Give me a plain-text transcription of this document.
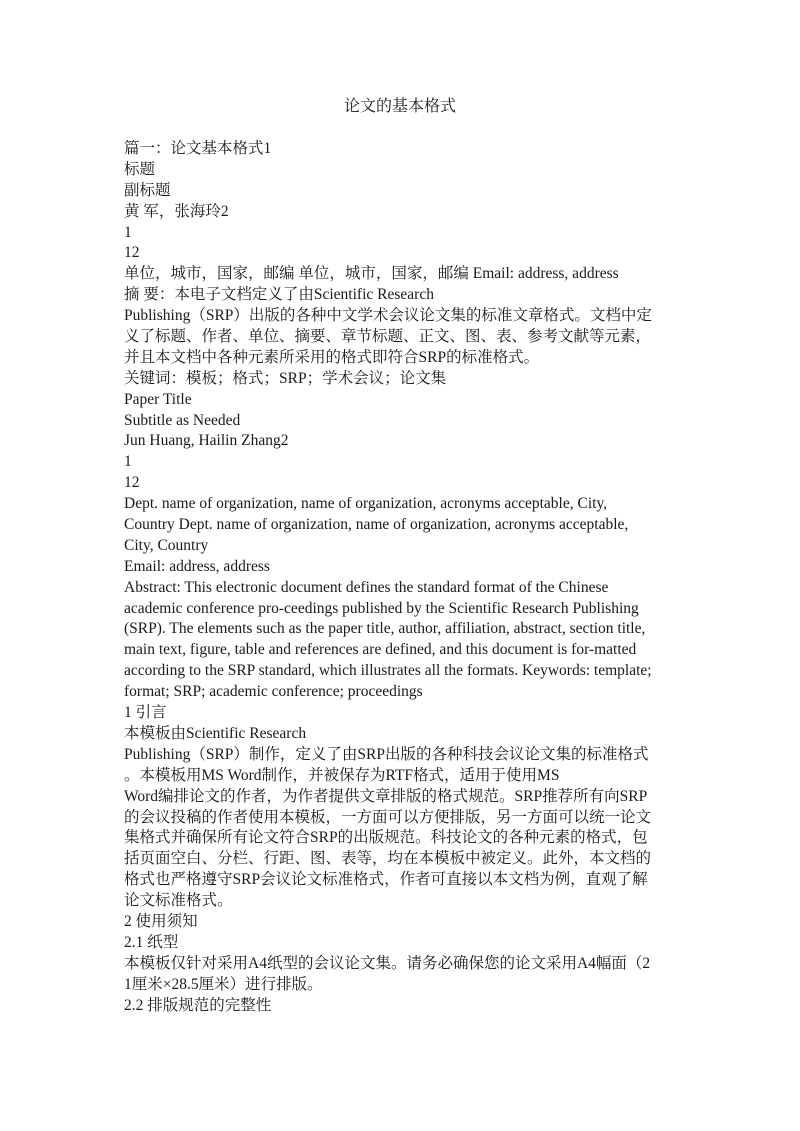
论文的基本格式
篇一：论文基本格式1
标题
副标题
黄 军，张海玲2
1
12
单位，城市，国家，邮编 单位，城市，国家，邮编 Email: address, address
摘 要：本电子文档定义了由Scientific Research
Publishing（SRP）出版的各种中文学术会议论文集的标准文章格式。文档中定
义了标题、作者、单位、摘要、章节标题、正文、图、表、参考文献等元素，
并且本文档中各种元素所采用的格式即符合SRP的标准格式。
关键词：模板；格式；SRP；学术会议；论文集
Paper Title
Subtitle as Needed
Jun Huang, Hailin Zhang2
1
12
Dept. name of organization, name of organization, acronyms acceptable, City,
Country Dept. name of organization, name of organization, acronyms acceptable,
City, Country
Email: address, address
Abstract: This electronic document defines the standard format of the Chinese
academic conference pro-ceedings published by the Scientific Research Publishing
(SRP). The elements such as the paper title, author, affiliation, abstract, section title,
main text, figure, table and references are defined, and this document is for-matted
according to the SRP standard, which illustrates all the formats. Keywords: template;
format; SRP; academic conference; proceedings
1 引言
本模板由Scientific Research
Publishing（SRP）制作，定义了由SRP出版的各种科技会议论文集的标准格式
。本模板用MS Word制作，并被保存为RTF格式，适用于使用MS
Word编排论文的作者，为作者提供文章排版的格式规范。SRP推荐所有向SRP
的会议投稿的作者使用本模板，一方面可以方便排版，另一方面可以统一论文
集格式并确保所有论文符合SRP的出版规范。科技论文的各种元素的格式，包
括页面空白、分栏、行距、图、表等，均在本模板中被定义。此外，本文档的
格式也严格遵守SRP会议论文标准格式，作者可直接以本文档为例，直观了解
论文标准格式。
2 使用须知
2.1 纸型
本模板仅针对采用A4纸型的会议论文集。请务必确保您的论文采用A4幅面（2
1厘米×28.5厘米）进行排版。
2.2 排版规范的完整性
